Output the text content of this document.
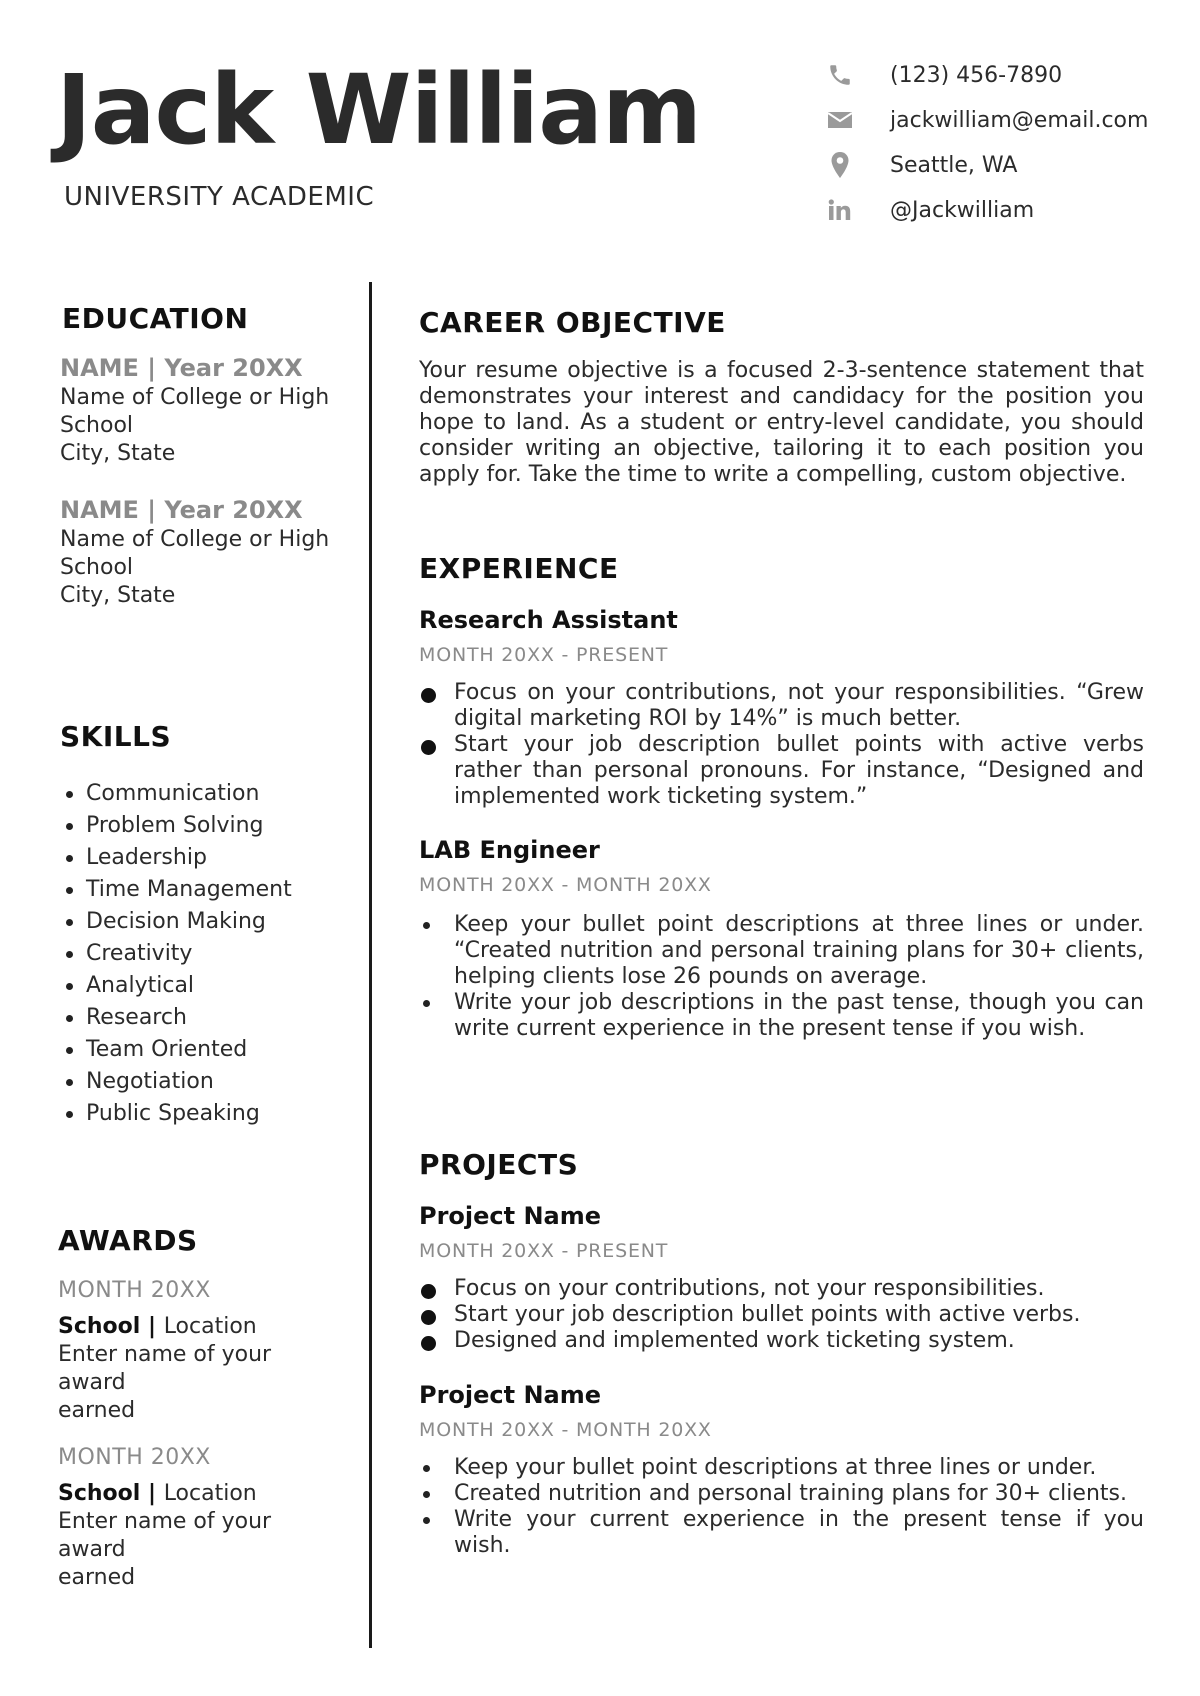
Jack William
UNIVERSITY ACADEMIC
(123) 456-7890
jackwilliam@email.com
Seattle, WA
@Jackwilliam
EDUCATION
NAME | Year 20XX
Name of College or High
School
City, State
NAME | Year 20XX
Name of College or High
School
City, State
SKILLS
Communication
Problem Solving
Leadership
Time Management
Decision Making
Creativity
Analytical
Research
Team Oriented
Negotiation
Public Speaking
AWARDS
MONTH 20XX
School | Location
Enter name of your
award
earned
MONTH 20XX
School | Location
Enter name of your
award
earned
CAREER OBJECTIVE
Your resume objective is a focused 2-3-sentence statement that demonstrates your interest and candidacy for the position you hope to land. As a student or entry-level candidate, you should consider writing an objective, tailoring it to each position you apply for. Take the time to write a compelling, custom objective.
EXPERIENCE
Research Assistant
MONTH 20XX - PRESENT
Focus on your contributions, not your responsibilities. “Grew digital marketing ROI by 14%” is much better.
Start your job description bullet points with active verbs rather than personal pronouns. For instance, “Designed and implemented work ticketing system.”
LAB Engineer
MONTH 20XX - MONTH 20XX
Keep your bullet point descriptions at three lines or under. “Created nutrition and personal training plans for 30+ clients, helping clients lose 26 pounds on average.
Write your job descriptions in the past tense, though you can write current experience in the present tense if you wish.
PROJECTS
Project Name
MONTH 20XX - PRESENT
Focus on your contributions, not your responsibilities.
Start your job description bullet points with active verbs.
Designed and implemented work ticketing system.
Project Name
MONTH 20XX - MONTH 20XX
Keep your bullet point descriptions at three lines or under.
Created nutrition and personal training plans for 30+ clients.
Write your current experience in the present tense if you wish.
